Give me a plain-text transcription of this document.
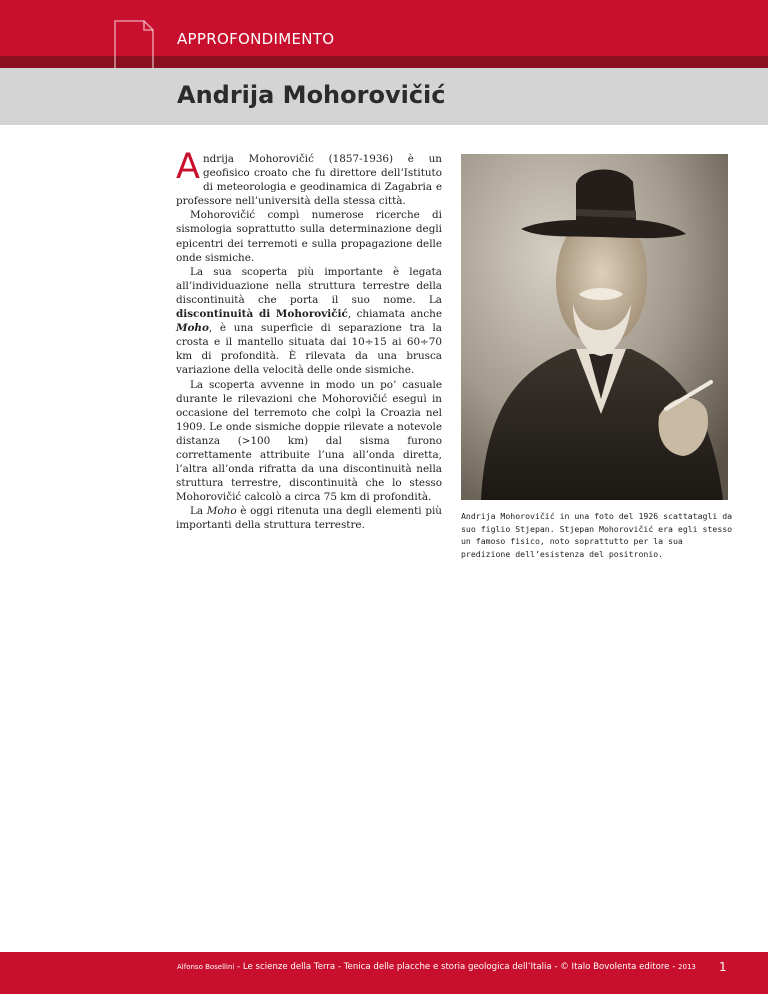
APPROFONDIMENTO
Andrija Mohorovičić

Andrija Mohorovičić (1857-1936) è un geofisico croato che fu direttore dell’Istituto di meteorologia e geodinamica di Zagabria e professore nell’università della stessa città.

Mohorovičić compì numerose ricerche di sismologia soprattutto sulla determinazione degli epicentri dei terremoti e sulla propagazione delle onde sismiche.

La sua scoperta più importante è legata all’individuazione nella struttura terrestre della discontinuità che porta il suo nome. La discontinuità di Mohorovičić, chiamata anche Moho, è una superficie di separazione tra la crosta e il mantello situata dai 10÷15 ai 60÷70 km di profondità. È rilevata da una brusca variazione della velocità delle onde sismiche.

La scoperta avvenne in modo un po’ casuale durante le rilevazioni che Mohorovičić eseguì in occasione del terremoto che colpì la Croazia nel 1909. Le onde sismiche doppie rilevate a notevole distanza (>100 km) dal sisma furono correttamente attribuite l’una all’onda diretta, l’altra all’onda rifratta da una discontinuità nella struttura terrestre, discontinuità che lo stesso Mohorovičić calcolò a circa 75 km di profondità.

La Moho è oggi ritenuta una degli elementi più importanti della struttura terrestre.

Andrija Mohorovičić in una foto del 1926 scattatagli da suo figlio Stjepan. Stjepan Mohorovičić era egli stesso un famoso fisico, noto soprattutto per la sua predizione dell’esistenza del positronio.
Alfonso Bosellini - Le scienze della Terra - Tenica delle placche e storia geologica dell’Italia - © Italo Bovolenta editore - 2013 1
